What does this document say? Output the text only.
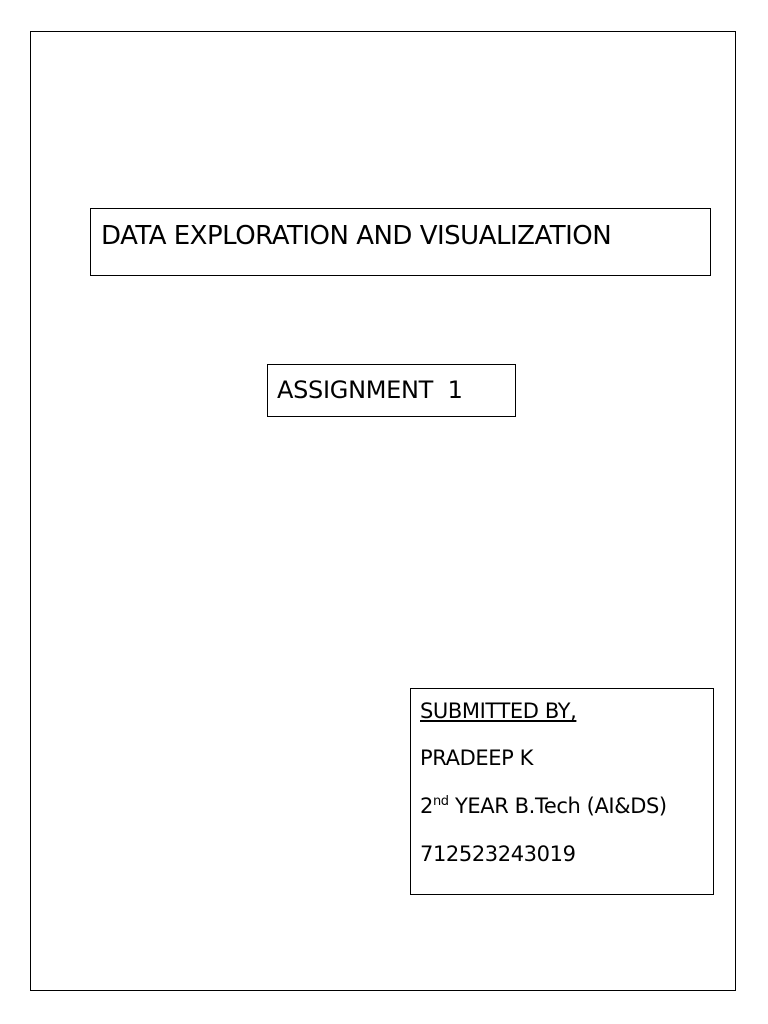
DATA EXPLORATION AND VISUALIZATION
ASSIGNMENT  1
SUBMITTED BY,
PRADEEP K
2nd YEAR B.Tech (AI&DS)
712523243019
